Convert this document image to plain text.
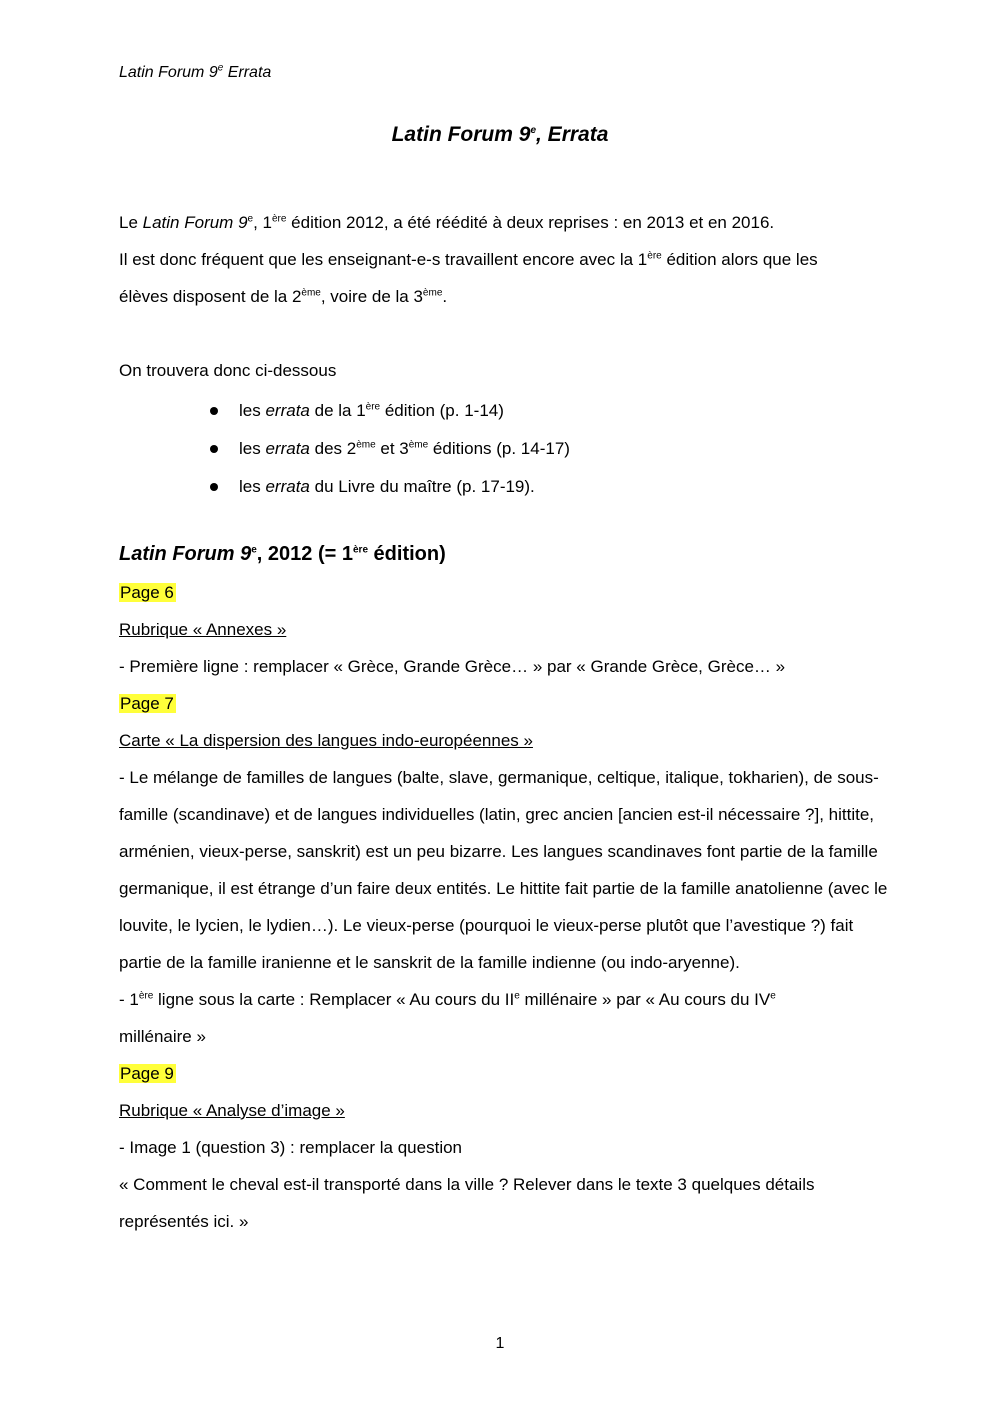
Latin Forum 9e Errata
Latin Forum 9e, Errata
Le Latin Forum 9e, 1ère édition 2012, a été réédité à deux reprises : en 2013 et en 2016.
Il est donc fréquent que les enseignant-e-s travaillent encore avec la 1ère édition alors que les
élèves disposent de la 2ème, voire de la 3ème.
On trouvera donc ci-dessous
les errata de la 1ère édition (p. 1-14)
les errata des 2ème et 3ème éditions (p. 14-17)
les errata du Livre du maître (p. 17-19).
Latin Forum 9e, 2012 (= 1ère édition)
Page 6
Rubrique « Annexes »
- Première ligne : remplacer « Grèce, Grande Grèce… » par « Grande Grèce, Grèce… »
Page 7
Carte « La dispersion des langues indo-européennes »
- Le mélange de familles de langues (balte, slave, germanique, celtique, italique, tokharien), de sous-famille (scandinave) et de langues individuelles (latin, grec ancien [ancien est-il nécessaire ?], hittite, arménien, vieux-perse, sanskrit) est un peu bizarre. Les langues scandinaves font partie de la famille germanique, il est étrange d’un faire deux entités. Le hittite fait partie de la famille anatolienne (avec le louvite, le lycien, le lydien…). Le vieux-perse (pourquoi le vieux-perse plutôt que l’avestique ?) fait partie de la famille iranienne et le sanskrit de la famille indienne (ou indo-aryenne).
- 1ère ligne sous la carte : Remplacer « Au cours du IIe millénaire » par « Au cours du IVe
millénaire »
Page 9
Rubrique « Analyse d’image »
- Image 1 (question 3) : remplacer la question
« Comment le cheval est-il transporté dans la ville ? Relever dans le texte 3 quelques détails représentés ici. »
1
